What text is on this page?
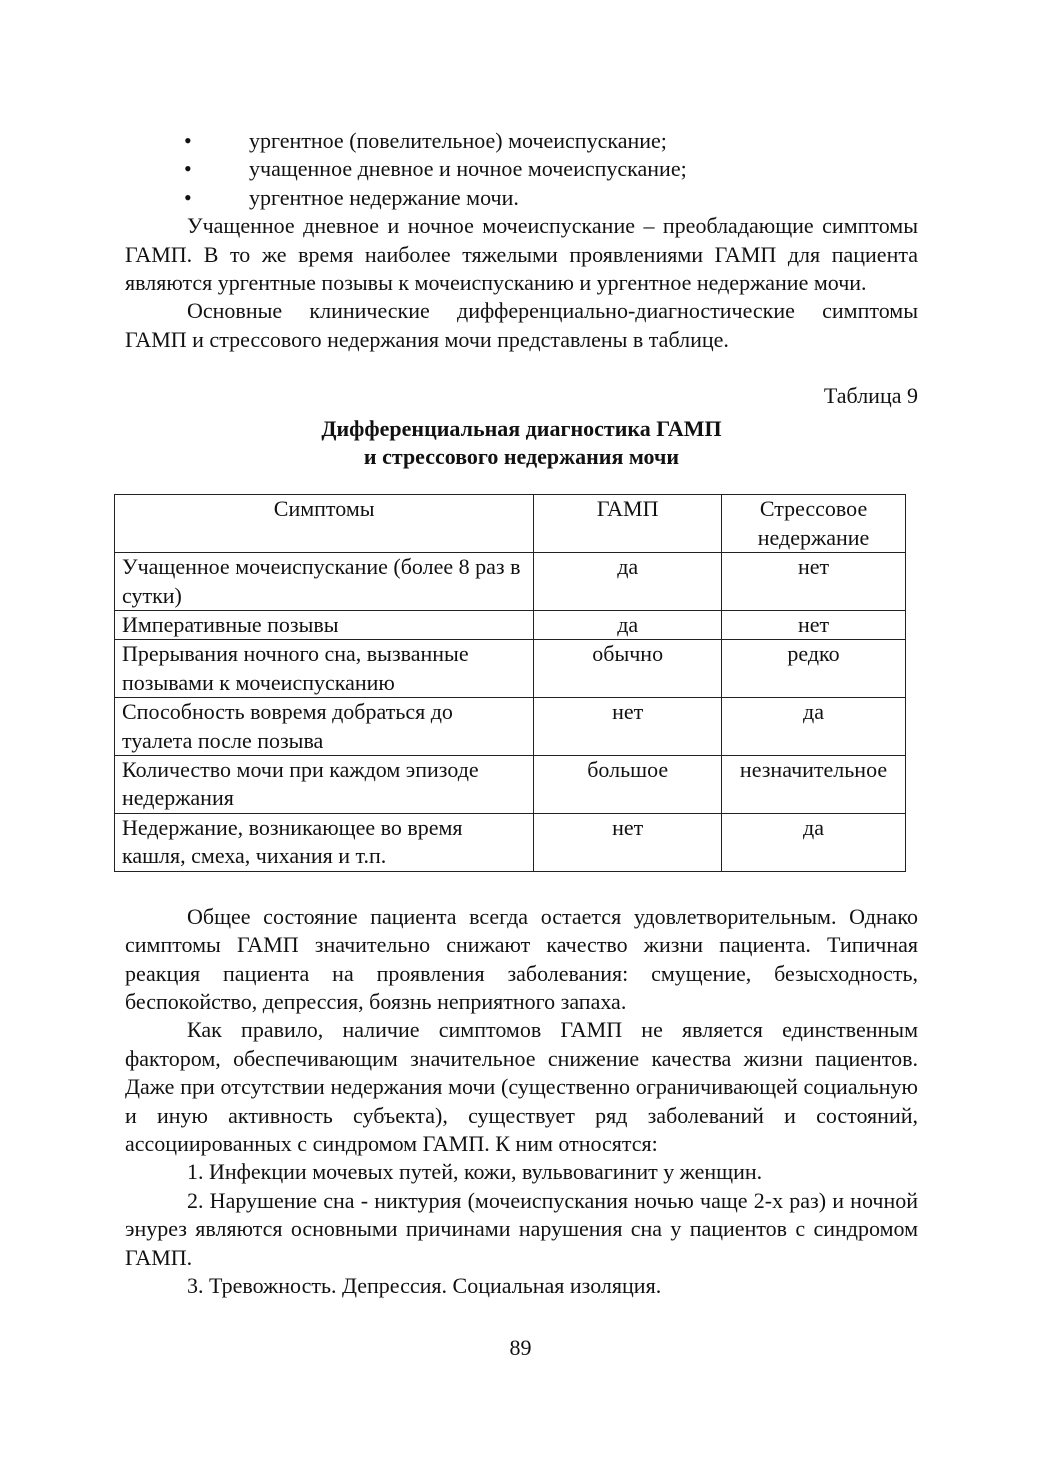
•	ургентное (повелительное) мочеиспускание;
•	учащенное дневное и ночное мочеиспускание;
•	ургентное недержание мочи.

Учащенное дневное и ночное мочеиспускание – преобладающие симптомы ГАМП. В то же время наиболее тяжелыми проявлениями ГАМП для пациента являются ургентные позывы к мочеиспусканию и ургентное недержание мочи.

Основные клинические дифференциально-диагностические симптомы ГАМП и стрессового недержания мочи представлены в таблице.

Таблица 9
Дифференциальная диагностика ГАМП
и стрессового недержания мочи
Симптомы	ГАМП	Стрессовое недержание
Учащенное мочеиспускание (более 8 раз в сутки)	да	нет
Императивные позывы	да	нет
Прерывания ночного сна, вызванные позывами к мочеиспусканию	обычно	редко
Способность вовремя добраться до туалета после позыва	нет	да
Количество мочи при каждом эпизоде недержания	большое	незначительное
Недержание, возникающее во время кашля, смеха, чихания и т.п.	нет	да

Общее состояние пациента всегда остается удовлетворительным. Однако симптомы ГАМП значительно снижают качество жизни пациента. Типичная реакция пациента на проявления заболевания: смущение, безысходность, беспокойство, депрессия, боязнь неприятного запаха.

Как правило, наличие симптомов ГАМП не является единственным фактором, обеспечивающим значительное снижение качества жизни пациентов. Даже при отсутствии недержания мочи (существенно ограничивающей социальную и иную активность субъекта), существует ряд заболеваний и состояний, ассоциированных с синдромом ГАМП. К ним относятся:

1. Инфекции мочевых путей, кожи, вульвовагинит у женщин.

2. Нарушение сна - никтурия (мочеиспускания ночью чаще 2-х раз) и ночной энурез являются основными причинами нарушения сна у пациентов с синдромом ГАМП.

3. Тревожность. Депрессия. Социальная изоляция.

89
